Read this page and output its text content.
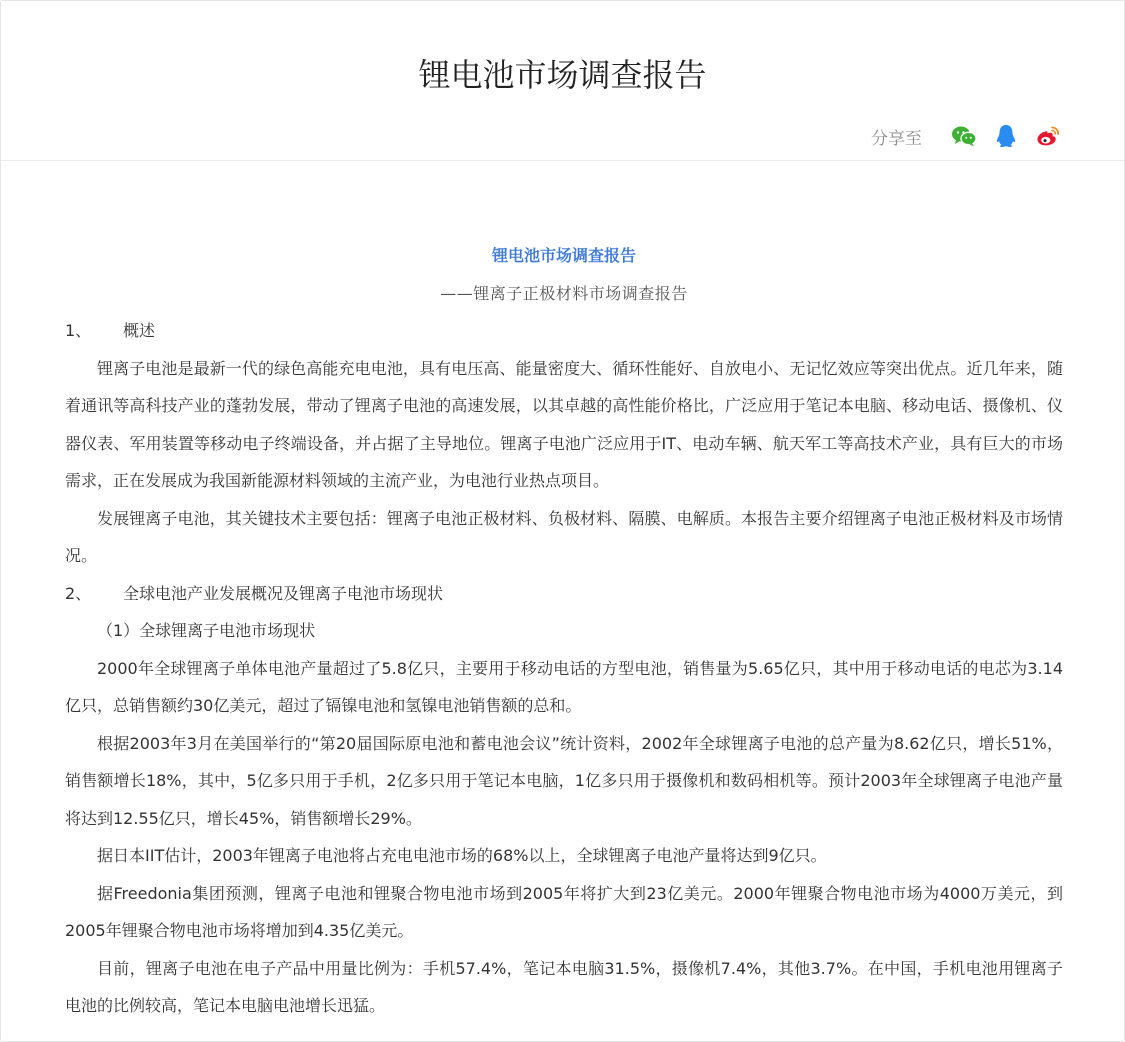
锂电池市场调查报告
分享至
锂电池市场调查报告
——锂离子正极材料市场调查报告
1、	概述

锂离子电池是最新一代的绿色高能充电电池，具有电压高、能量密度大、循环性能好、自放电小、无记忆效应等突出优点。近几年来，随着通讯等高科技产业的蓬勃发展，带动了锂离子电池的高速发展，以其卓越的高性能价格比，广泛应用于笔记本电脑、移动电话、摄像机、仪器仪表、军用装置等移动电子终端设备，并占据了主导地位。锂离子电池广泛应用于IT、电动车辆、航天军工等高技术产业，具有巨大的市场需求，正在发展成为我国新能源材料领域的主流产业，为电池行业热点项目。

发展锂离子电池，其关键技术主要包括：锂离子电池正极材料、负极材料、隔膜、电解质。本报告主要介绍锂离子电池正极材料及市场情况。

2、	全球电池产业发展概况及锂离子电池市场现状
（1）全球锂离子电池市场现状

2000年全球锂离子单体电池产量超过了5.8亿只，主要用于移动电话的方型电池，销售量为5.65亿只，其中用于移动电话的电芯为3.14亿只，总销售额约30亿美元，超过了镉镍电池和氢镍电池销售额的总和。

根据2003年3月在美国举行的“第20届国际原电池和蓄电池会议”统计资料，2002年全球锂离子电池的总产量为8.62亿只，增长51%，销售额增长18%，其中，5亿多只用于手机，2亿多只用于笔记本电脑，1亿多只用于摄像机和数码相机等。预计2003年全球锂离子电池产量将达到12.55亿只，增长45%，销售额增长29%。

据日本IIT估计，2003年锂离子电池将占充电电池市场的68%以上，全球锂离子电池产量将达到9亿只。

据Freedonia集团预测，锂离子电池和锂聚合物电池市场到2005年将扩大到23亿美元。2000年锂聚合物电池市场为4000万美元，到2005年锂聚合物电池市场将增加到4.35亿美元。

目前，锂离子电池在电子产品中用量比例为：手机57.4%，笔记本电脑31.5%，摄像机7.4%，其他3.7%。在中国，手机电池用锂离子电池的比例较高，笔记本电脑电池增长迅猛。
